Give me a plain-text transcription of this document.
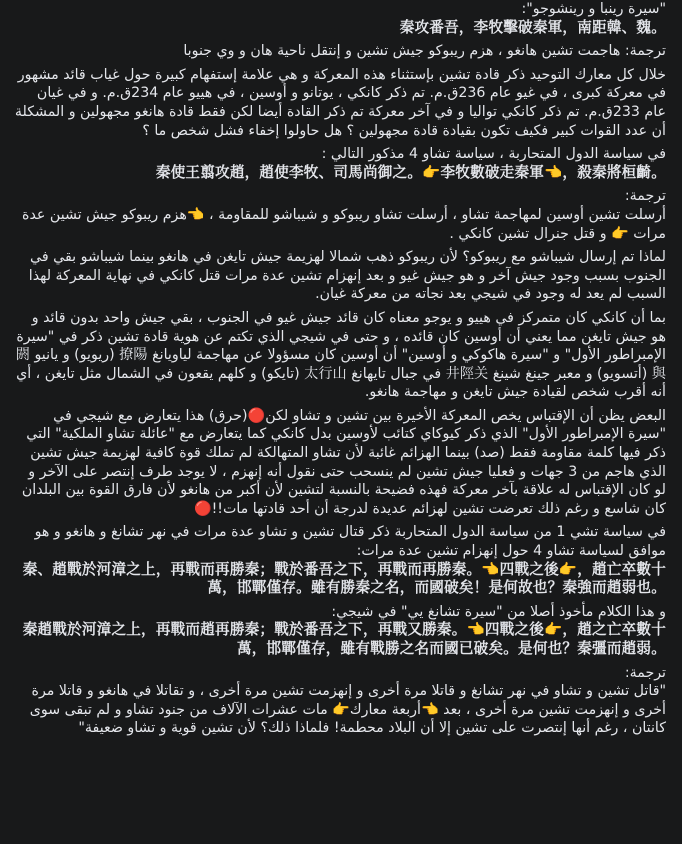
"سيرة رينبا و رينشوجو":

秦攻番吾，李牧擊破秦軍，南距韓、魏。

ترجمة: هاجمت تشين هانغو ، هزم ريبوكو جيش تشين و إنتقل ناحية هان و وي جنوبا

خلال كل معارك التوحيد ذكر قادة تشين بإستثناء هذه المعركة و هي علامة إستفهام كبيرة حول غياب قائد مشهور في معركة كبرى ، في غيو عام 236ق.م. تم ذكر كانكي ، يوتانو و أوسين ، في هييو عام 234ق.م. و في غيان عام 233ق.م. تم ذكر كانكي تواليا و في آخر معركة تم ذكر القادة أيضا لكن فقط قادة هانغو مجهولين و المشكلة أن عدد القوات كبير فكيف تكون بقيادة قادة مجهولين ؟ هل حاولوا إخفاء فشل شخص ما ؟

في سياسة الدول المتحاربة ، سياسة تشاو 4 مذكور التالي :

秦使王翦攻趙，趙使李牧、司馬尚御之。👉李牧數破走秦軍👈，殺秦將桓齮。

ترجمة:

أرسلت تشين أوسين لمهاجمة تشاو ، أرسلت تشاو ريبوكو و شيباشو للمقاومة ، 👈هزم ريبوكو جيش تشين عدة مرات 👉 و قتل جنرال تشين كانكي .

لماذا تم إرسال شيباشو مع ريبوكو؟ لأن ريبوكو ذهب شمالا لهزيمة جيش تايغن في هانغو بينما شيباشو بقي في الجنوب بسبب وجود جيش آخر و هو جيش غيو و بعد إنهزام تشين عدة مرات قتل كانكي في نهاية المعركة لهذا السبب لم يعد له وجود في شيجي بعد نجاته من معركة غيان.

بما أن كانكي كان متمركز في هييو و يوجو معناه كان قائد جيش غيو في الجنوب ، بقي جيش واحد بدون قائد و هو جيش تايغن مما يعني أن أوسين كان قائده ، و حتى في شيجي الذي تكتم عن هوية قادة تشين ذكر في "سيرة الإمبراطور الأول" و "سيرة هاكوكي و أوسين" أن أوسين كان مسؤولا عن مهاجمة لياويانغ 撩陽 (ريويو) و يانيو 閼與 (أتسويو) و معبر جينغ شينغ 井陘关 في جبال تايهانغ 太行山 (تايكو) و كلهم يقعون في الشمال مثل تايغن ، أي أنه أقرب شخص لقيادة جيش تايغن و مهاجمة هانغو.

البعض يظن أن الإقتباس يخص المعركة الأخيرة بين تشين و تشاو لكن🔴(حرق) هذا يتعارض مع شيجي في "سيرة الإمبراطور الأول" الذي ذكر كيوكاي كتائب لأوسين بدل كانكي كما يتعارض مع "عائلة تشاو الملكية" التي ذكر فيها كلمة مقاومة فقط (صد) بينما الهزائم غائبة لأن تشاو المتهالكة لم تملك قوة كافية لهزيمة جيش تشين الذي هاجم من 3 جهات و فعليا جيش تشين لم ينسحب حتى نقول أنه إنهزم ، لا يوجد طرف إنتصر على الآخر و لو كان الإقتباس له علاقة بآخر معركة فهذه فضيحة بالنسبة لتشين لأن أكبر من هانغو لأن فارق القوة بين البلدان كان شاسع و رغم ذلك تعرضت تشين لهزائم عديدة لدرجة أن أحد قادتها مات!!🔴

في سياسة تشي 1 من سياسة الدول المتحاربة ذكر قتال تشين و تشاو عدة مرات في نهر تشانغ و هانغو و هو موافق لسياسة تشاو 4 حول إنهزام تشين عدة مرات:

秦、趙戰於河漳之上，再戰而再勝秦；戰於番吾之下，再戰而再勝秦。👈四戰之後👉，趙亡卒數十萬，邯鄲僅存。雖有勝秦之名，而國破矣！是何故也？秦強而趙弱也。

و هذا الكلام مأخوذ أصلا من "سيرة تشانغ يي" في شيجي:

秦趙戰於河漳之上，再戰而趙再勝秦；戰於番吾之下，再戰又勝秦。👈四戰之後👉，趙之亡卒數十萬，邯鄲僅存，雖有戰勝之名而國已破矣。是何也？秦彊而趙弱。

ترجمة:

"قاتل تشين و تشاو في نهر تشانغ و قاتلا مرة أخرى و إنهزمت تشين مرة أخرى ، و تقاتلا في هانغو و قاتلا مرة أخرى و إنهزمت تشين مرة أخرى ، بعد 👈أربعة معارك👉 مات عشرات الآلاف من جنود تشاو و لم تبقى سوى كانتان ، رغم أنها إنتصرت على تشين إلا أن البلاد محطمة! فلماذا ذلك؟ لأن تشين قوية و تشاو ضعيفة"
